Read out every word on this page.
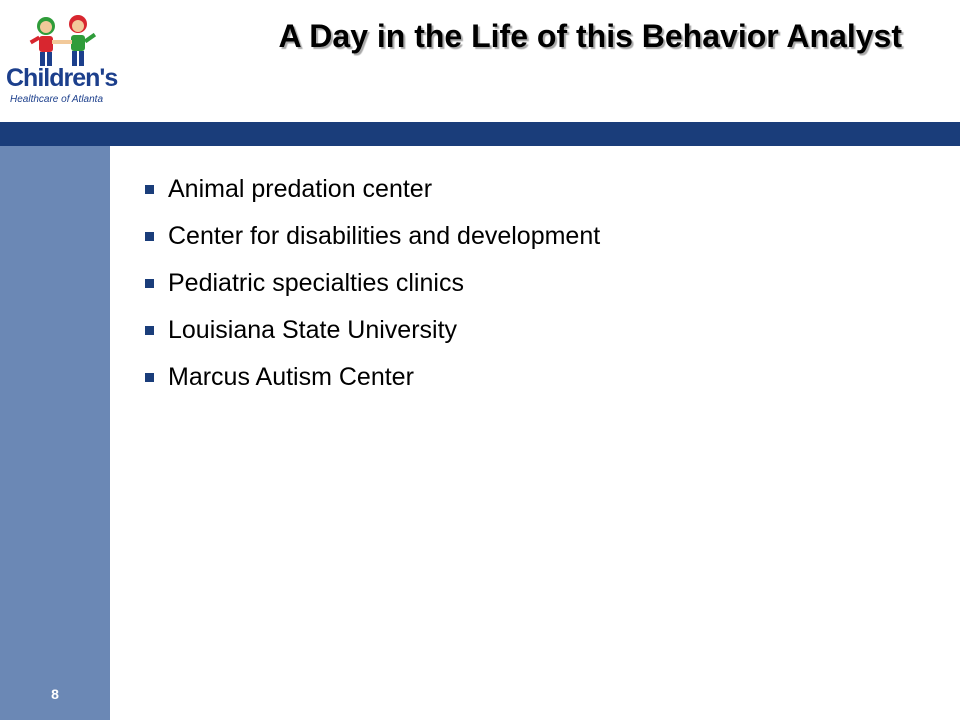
Children's
Healthcare of Atlanta
A Day in the Life of this Behavior Analyst
8
Animal predation center
Center for disabilities and development
Pediatric specialties clinics
Louisiana State University
Marcus Autism Center
